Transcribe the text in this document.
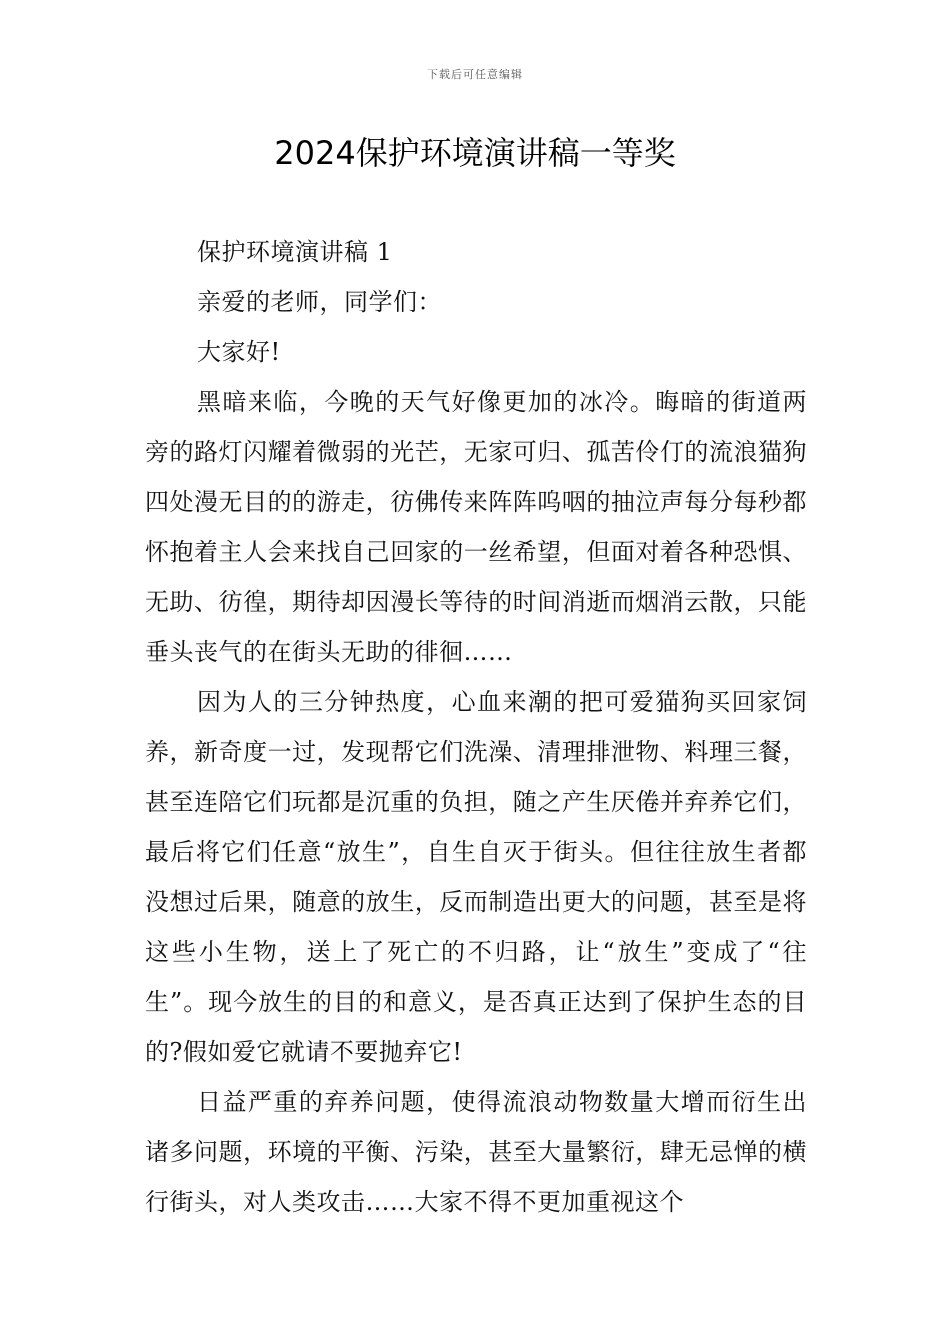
下载后可任意编辑
2024保护环境演讲稿一等奖

保护环境演讲稿 1

亲爱的老师，同学们：

大家好!

黑暗来临，今晚的天气好像更加的冰冷。晦暗的街道两旁的路灯闪耀着微弱的光芒，无家可归、孤苦伶仃的流浪猫狗四处漫无目的的游走，彷佛传来阵阵呜咽的抽泣声每分每秒都怀抱着主人会来找自己回家的一丝希望，但面对着各种恐惧、无助、彷徨，期待却因漫长等待的时间消逝而烟消云散，只能垂头丧气的在街头无助的徘徊……

因为人的三分钟热度，心血来潮的把可爱猫狗买回家饲养，新奇度一过，发现帮它们洗澡、清理排泄物、料理三餐，甚至连陪它们玩都是沉重的负担，随之产生厌倦并弃养它们，最后将它们任意“放生”，自生自灭于街头。但往往放生者都没想过后果，随意的放生，反而制造出更大的问题，甚至是将这些小生物，送上了死亡的不归路，让“放生”变成了“往生”。现今放生的目的和意义，是否真正达到了保护生态的目的?假如爱它就请不要抛弃它!

日益严重的弃养问题，使得流浪动物数量大增而衍生出诸多问题，环境的平衡、污染，甚至大量繁衍，肆无忌惮的横行街头，对人类攻击……大家不得不更加重视这个
